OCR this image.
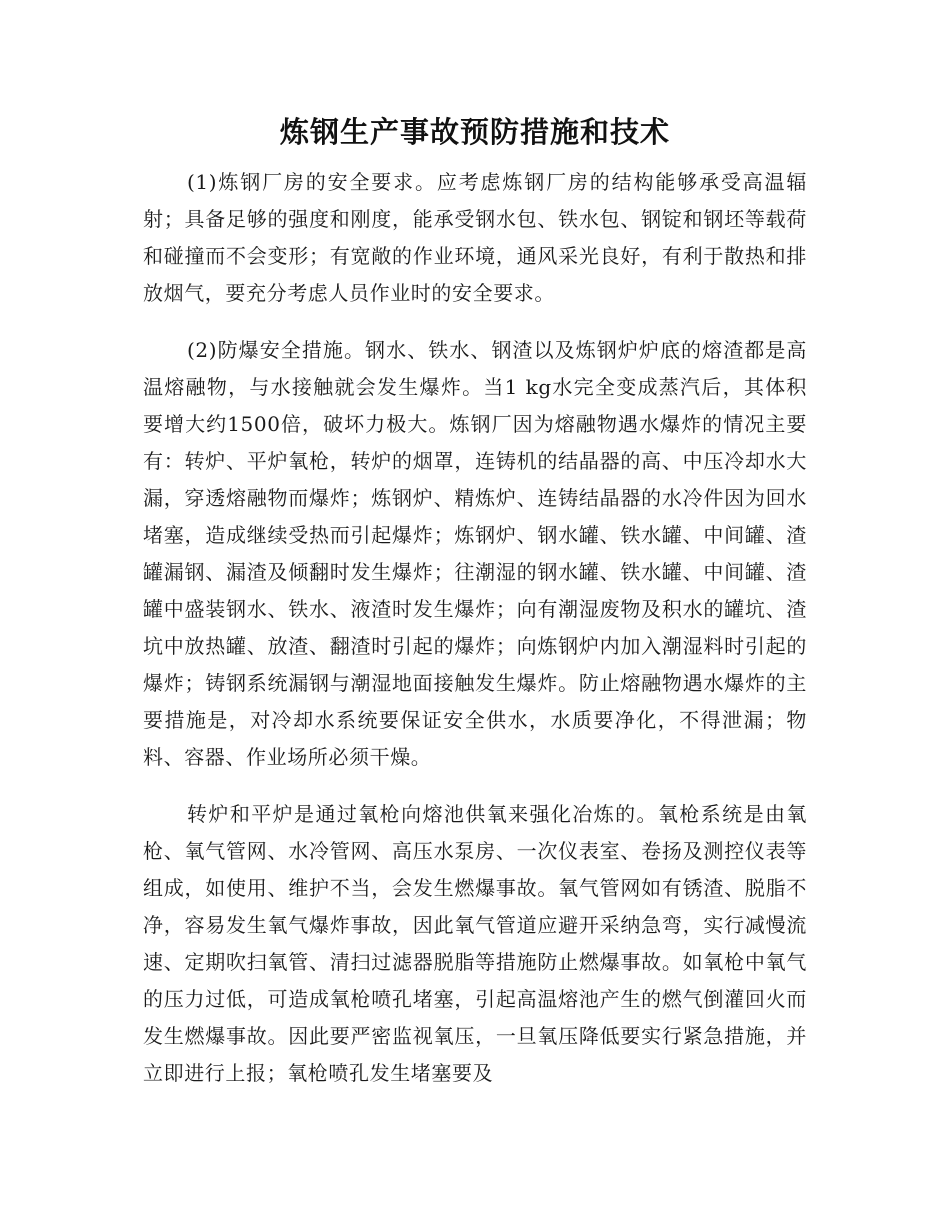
炼钢生产事故预防措施和技术

(1)炼钢厂房的安全要求。应考虑炼钢厂房的结构能够承受高温辐射；具备足够的强度和刚度，能承受钢水包、铁水包、钢锭和钢坯等载荷和碰撞而不会变形；有宽敞的作业环境，通风采光良好，有利于散热和排放烟气，要充分考虑人员作业时的安全要求。

(2)防爆安全措施。钢水、铁水、钢渣以及炼钢炉炉底的熔渣都是高温熔融物，与水接触就会发生爆炸。当1 kg水完全变成蒸汽后，其体积要增大约1500倍，破坏力极大。炼钢厂因为熔融物遇水爆炸的情况主要有：转炉、平炉氧枪，转炉的烟罩，连铸机的结晶器的高、中压冷却水大漏，穿透熔融物而爆炸；炼钢炉、精炼炉、连铸结晶器的水冷件因为回水堵塞，造成继续受热而引起爆炸；炼钢炉、钢水罐、铁水罐、中间罐、渣罐漏钢、漏渣及倾翻时发生爆炸；往潮湿的钢水罐、铁水罐、中间罐、渣罐中盛装钢水、铁水、液渣时发生爆炸；向有潮湿废物及积水的罐坑、渣坑中放热罐、放渣、翻渣时引起的爆炸；向炼钢炉内加入潮湿料时引起的爆炸；铸钢系统漏钢与潮湿地面接触发生爆炸。防止熔融物遇水爆炸的主要措施是，对冷却水系统要保证安全供水，水质要净化，不得泄漏；物料、容器、作业场所必须干燥。

转炉和平炉是通过氧枪向熔池供氧来强化冶炼的。氧枪系统是由氧枪、氧气管网、水冷管网、高压水泵房、一次仪表室、卷扬及测控仪表等组成，如使用、维护不当，会发生燃爆事故。氧气管网如有锈渣、脱脂不净，容易发生氧气爆炸事故，因此氧气管道应避开采纳急弯，实行减慢流速、定期吹扫氧管、清扫过滤器脱脂等措施防止燃爆事故。如氧枪中氧气的压力过低，可造成氧枪喷孔堵塞，引起高温熔池产生的燃气倒灌回火而发生燃爆事故。因此要严密监视氧压，一旦氧压降低要实行紧急措施，并立即进行上报；氧枪喷孔发生堵塞要及
